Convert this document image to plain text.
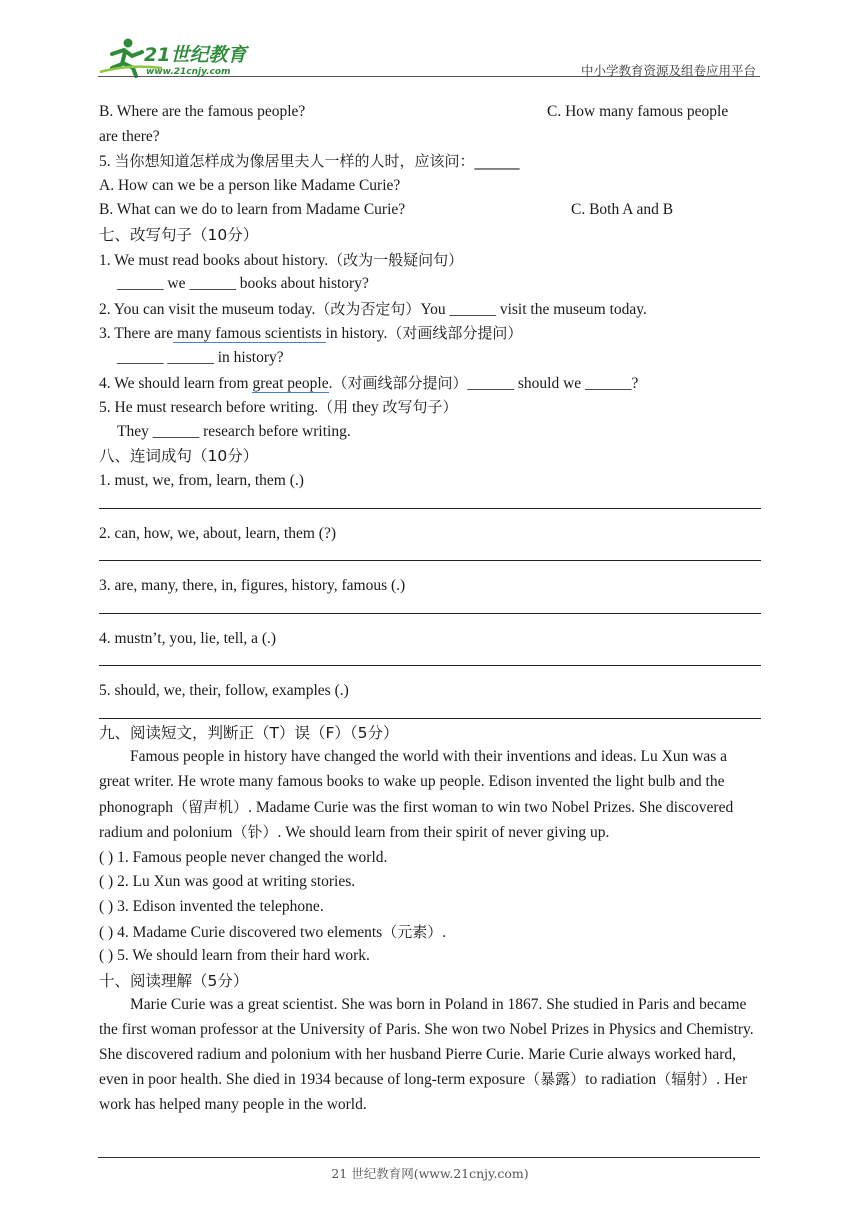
21世纪教育
www.21cnjy.com	中小学教育资源及组卷应用平台
B. Where are the famous people?	C. How many famous people
are there?
5. 当你想知道怎样成为像居里夫人一样的人时，应该问：______
A. How can we be a person like Madame Curie?
B. What can we do to learn from Madame Curie?	C. Both A and B
七、改写句子（10分）
1. We must read books about history.（改为一般疑问句）
______ we ______ books about history?
2. You can visit the museum today.（改为否定句）You ______ visit the museum today.
3. There are many famous scientists in history.（对画线部分提问）
______ ______ in history?
4. We should learn from great people.（对画线部分提问）______ should we ______?
5. He must research before writing.（用 they 改写句子）
They ______ research before writing.
八、连词成句（10分）
1. must, we, from, learn, them (.)
2. can, how, we, about, learn, them (?)
3. are, many, there, in, figures, history, famous (.)
4. mustn’t, you, lie, tell, a (.)
5. should, we, their, follow, examples (.)
九、阅读短文，判断正（T）误（F）（5分）

Famous people in history have changed the world with their inventions and ideas. Lu Xun was a great writer. He wrote many famous books to wake up people. Edison invented the light bulb and the phonograph（留声机）. Madame Curie was the first woman to win two Nobel Prizes. She discovered radium and polonium（钋）. We should learn from their spirit of never giving up.

( ) 1. Famous people never changed the world.
( ) 2. Lu Xun was good at writing stories.
( ) 3. Edison invented the telephone.
( ) 4. Madame Curie discovered two elements（元素）.
( ) 5. We should learn from their hard work.
十、阅读理解（5分）

Marie Curie was a great scientist. She was born in Poland in 1867. She studied in Paris and became the first woman professor at the University of Paris. She won two Nobel Prizes in Physics and Chemistry. She discovered radium and polonium with her husband Pierre Curie. Marie Curie always worked hard, even in poor health. She died in 1934 because of long-term exposure（暴露）to radiation（辐射）. Her work has helped many people in the world.

21 世纪教育网(www.21cnjy.com)
